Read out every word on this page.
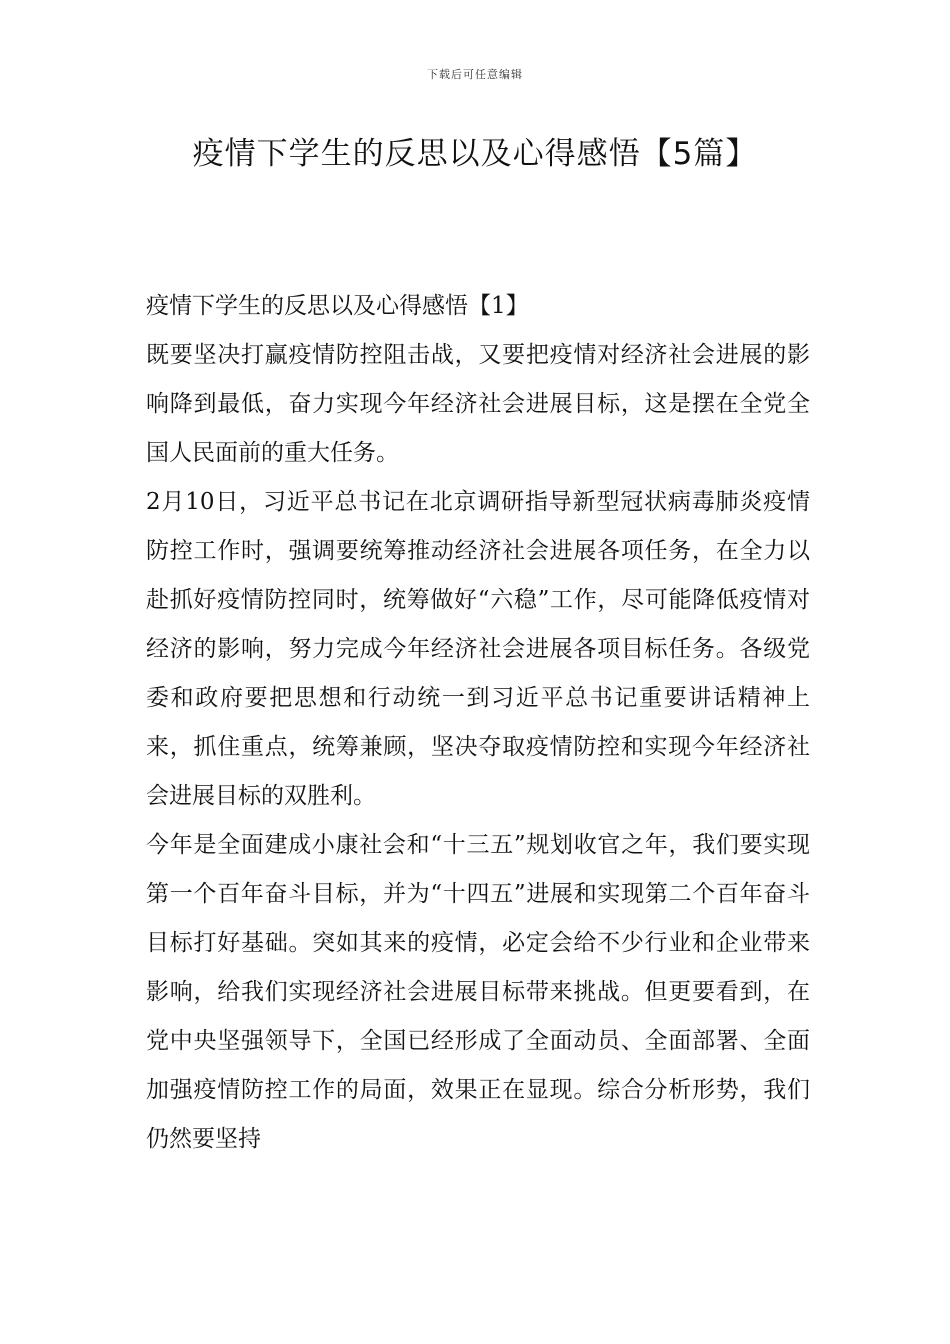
下载后可任意编辑
疫情下学生的反思以及心得感悟【5篇】

疫情下学生的反思以及心得感悟【1】

既要坚决打赢疫情防控阻击战，又要把疫情对经济社会进展的影响降到最低，奋力实现今年经济社会进展目标，这是摆在全党全国人民面前的重大任务。

2月10日，习近平总书记在北京调研指导新型冠状病毒肺炎疫情防控工作时，强调要统筹推动经济社会进展各项任务，在全力以赴抓好疫情防控同时，统筹做好“六稳”工作，尽可能降低疫情对经济的影响，努力完成今年经济社会进展各项目标任务。各级党委和政府要把思想和行动统一到习近平总书记重要讲话精神上来，抓住重点，统筹兼顾，坚决夺取疫情防控和实现今年经济社会进展目标的双胜利。

今年是全面建成小康社会和“十三五”规划收官之年，我们要实现第一个百年奋斗目标，并为“十四五”进展和实现第二个百年奋斗目标打好基础。突如其来的疫情，必定会给不少行业和企业带来影响，给我们实现经济社会进展目标带来挑战。但更要看到，在党中央坚强领导下，全国已经形成了全面动员、全面部署、全面加强疫情防控工作的局面，效果正在显现。综合分析形势，我们仍然要坚持
